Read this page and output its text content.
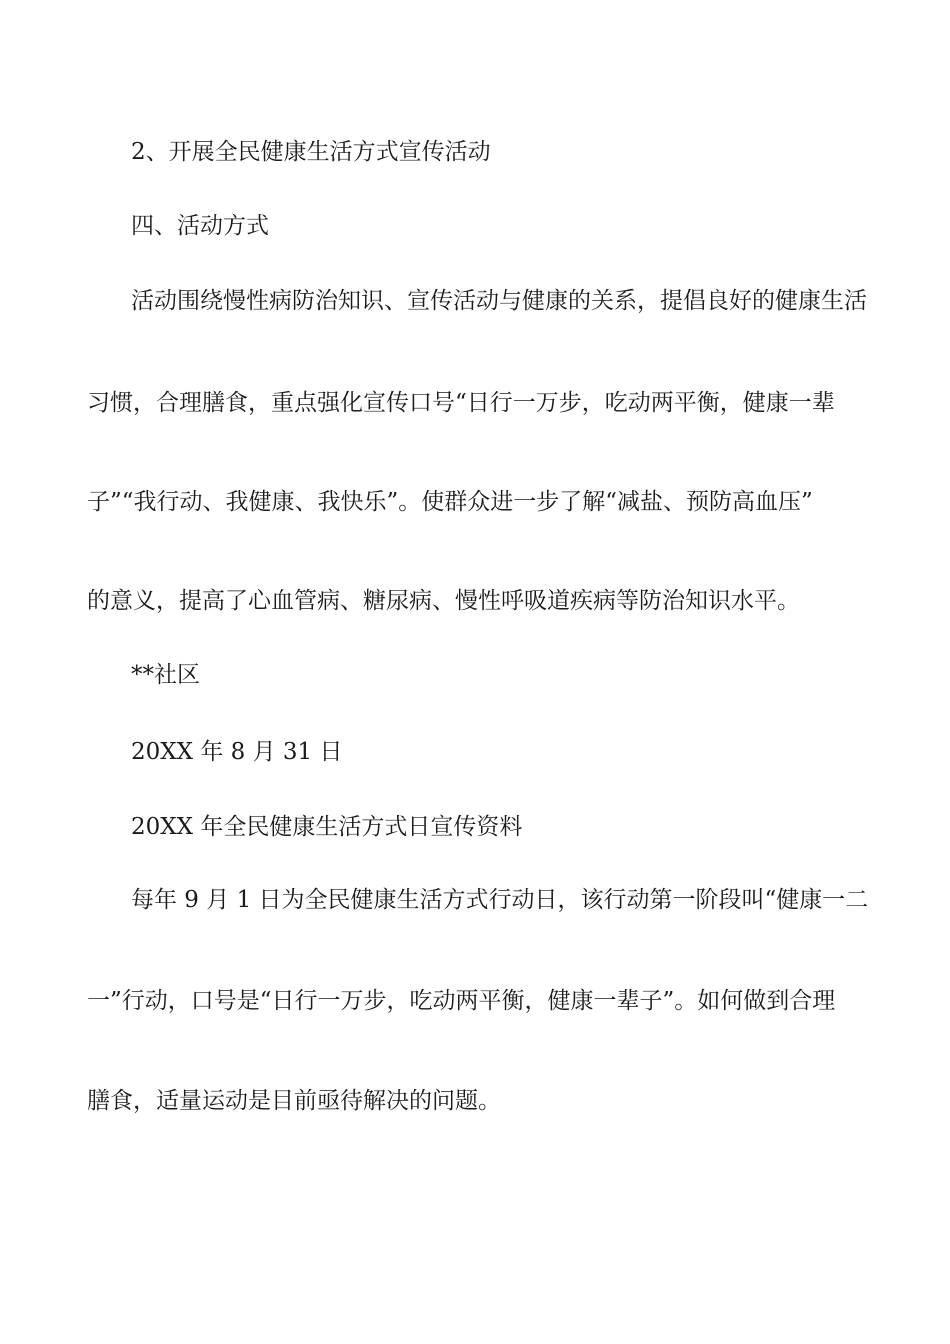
2、开展全民健康生活方式宣传活动

四、活动方式

活动围绕慢性病防治知识、宣传活动与健康的关系，提倡良好的健康生活

习惯，合理膳食，重点强化宣传口号“日行一万步，吃动两平衡，健康一辈

子”“我行动、我健康、我快乐”。使群众进一步了解“减盐、预防高血压”

的意义，提高了心血管病、糖尿病、慢性呼吸道疾病等防治知识水平。

**社区

20XX 年 8 月 31 日

20XX 年全民健康生活方式日宣传资料

每年 9 月 1 日为全民健康生活方式行动日，该行动第一阶段叫“健康一二

一”行动，口号是“日行一万步，吃动两平衡，健康一辈子”。如何做到合理

膳食，适量运动是目前亟待解决的问题。
